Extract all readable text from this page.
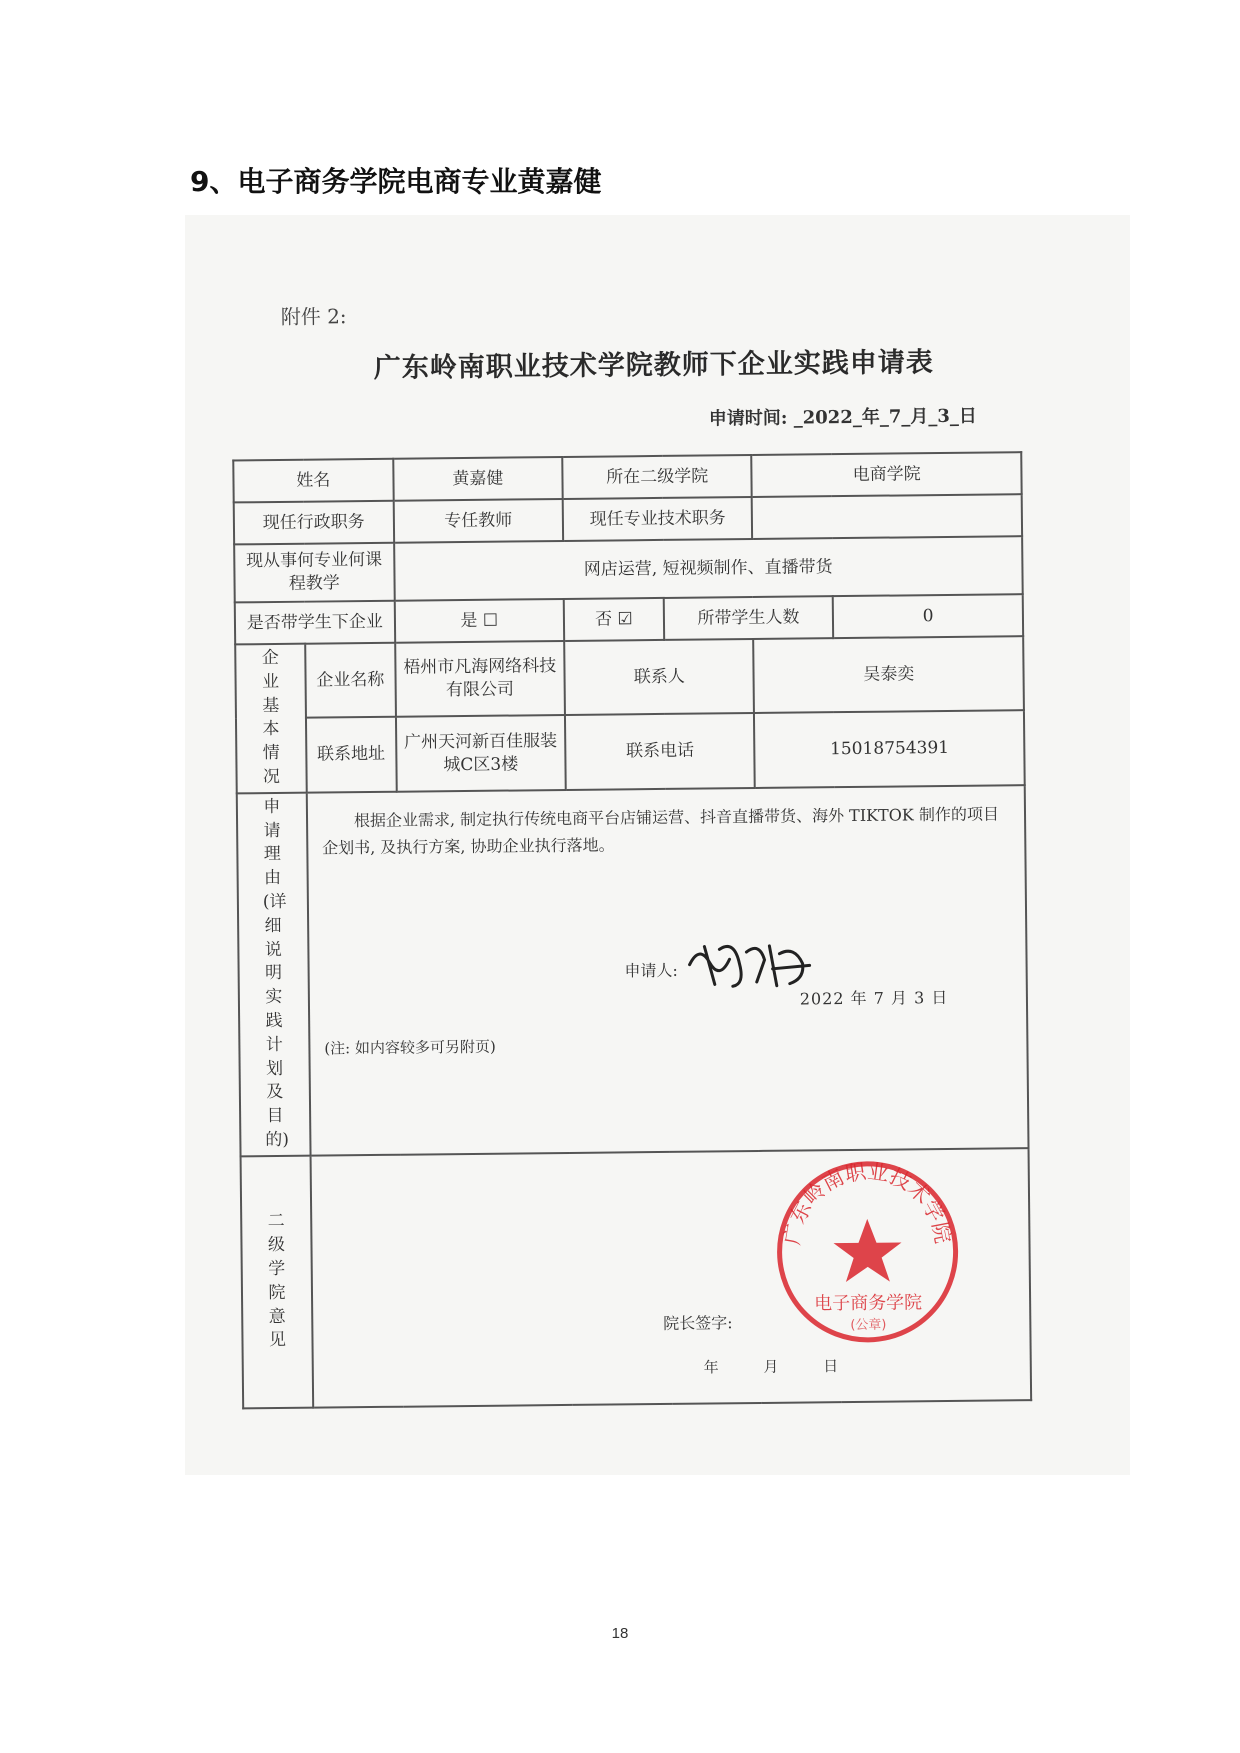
9、电子商务学院电商专业黄嘉健
附件 2:
广东岭南职业技术学院教师下企业实践申请表
申请时间: _2022_年_7_月_3_日
姓名		黄嘉健	所在二级学院		电商学院	
现任行政职务		专任教师	现任专业技术职务			
现从事何专业何课程教学		网店运营, 短视频制作、直播带货				
是否带学生下企业		是 ☐	否 ☑	所带学生人数		0

企业基本情况	企业名称	梧州市凡海网络科技有限公司	联系人		吴泰奕	
	联系地址	广州天河新百佳服装城C区3楼	联系电话		15018754391	

申请理由(详细说明实践计划及目的)	根据企业需求, 制定执行传统电商平台店铺运营、抖音直播带货、海外 TIKTOK 制作的项目企划书, 及执行方案, 协助企业执行落地。
申请人:
2022 年 7 月 3 日
(注: 如内容较多可另附页)					

二级学院意见	院长签字:
年 月 日
广东岭南职业技术学院
电子商务学院
(公章)					
18
